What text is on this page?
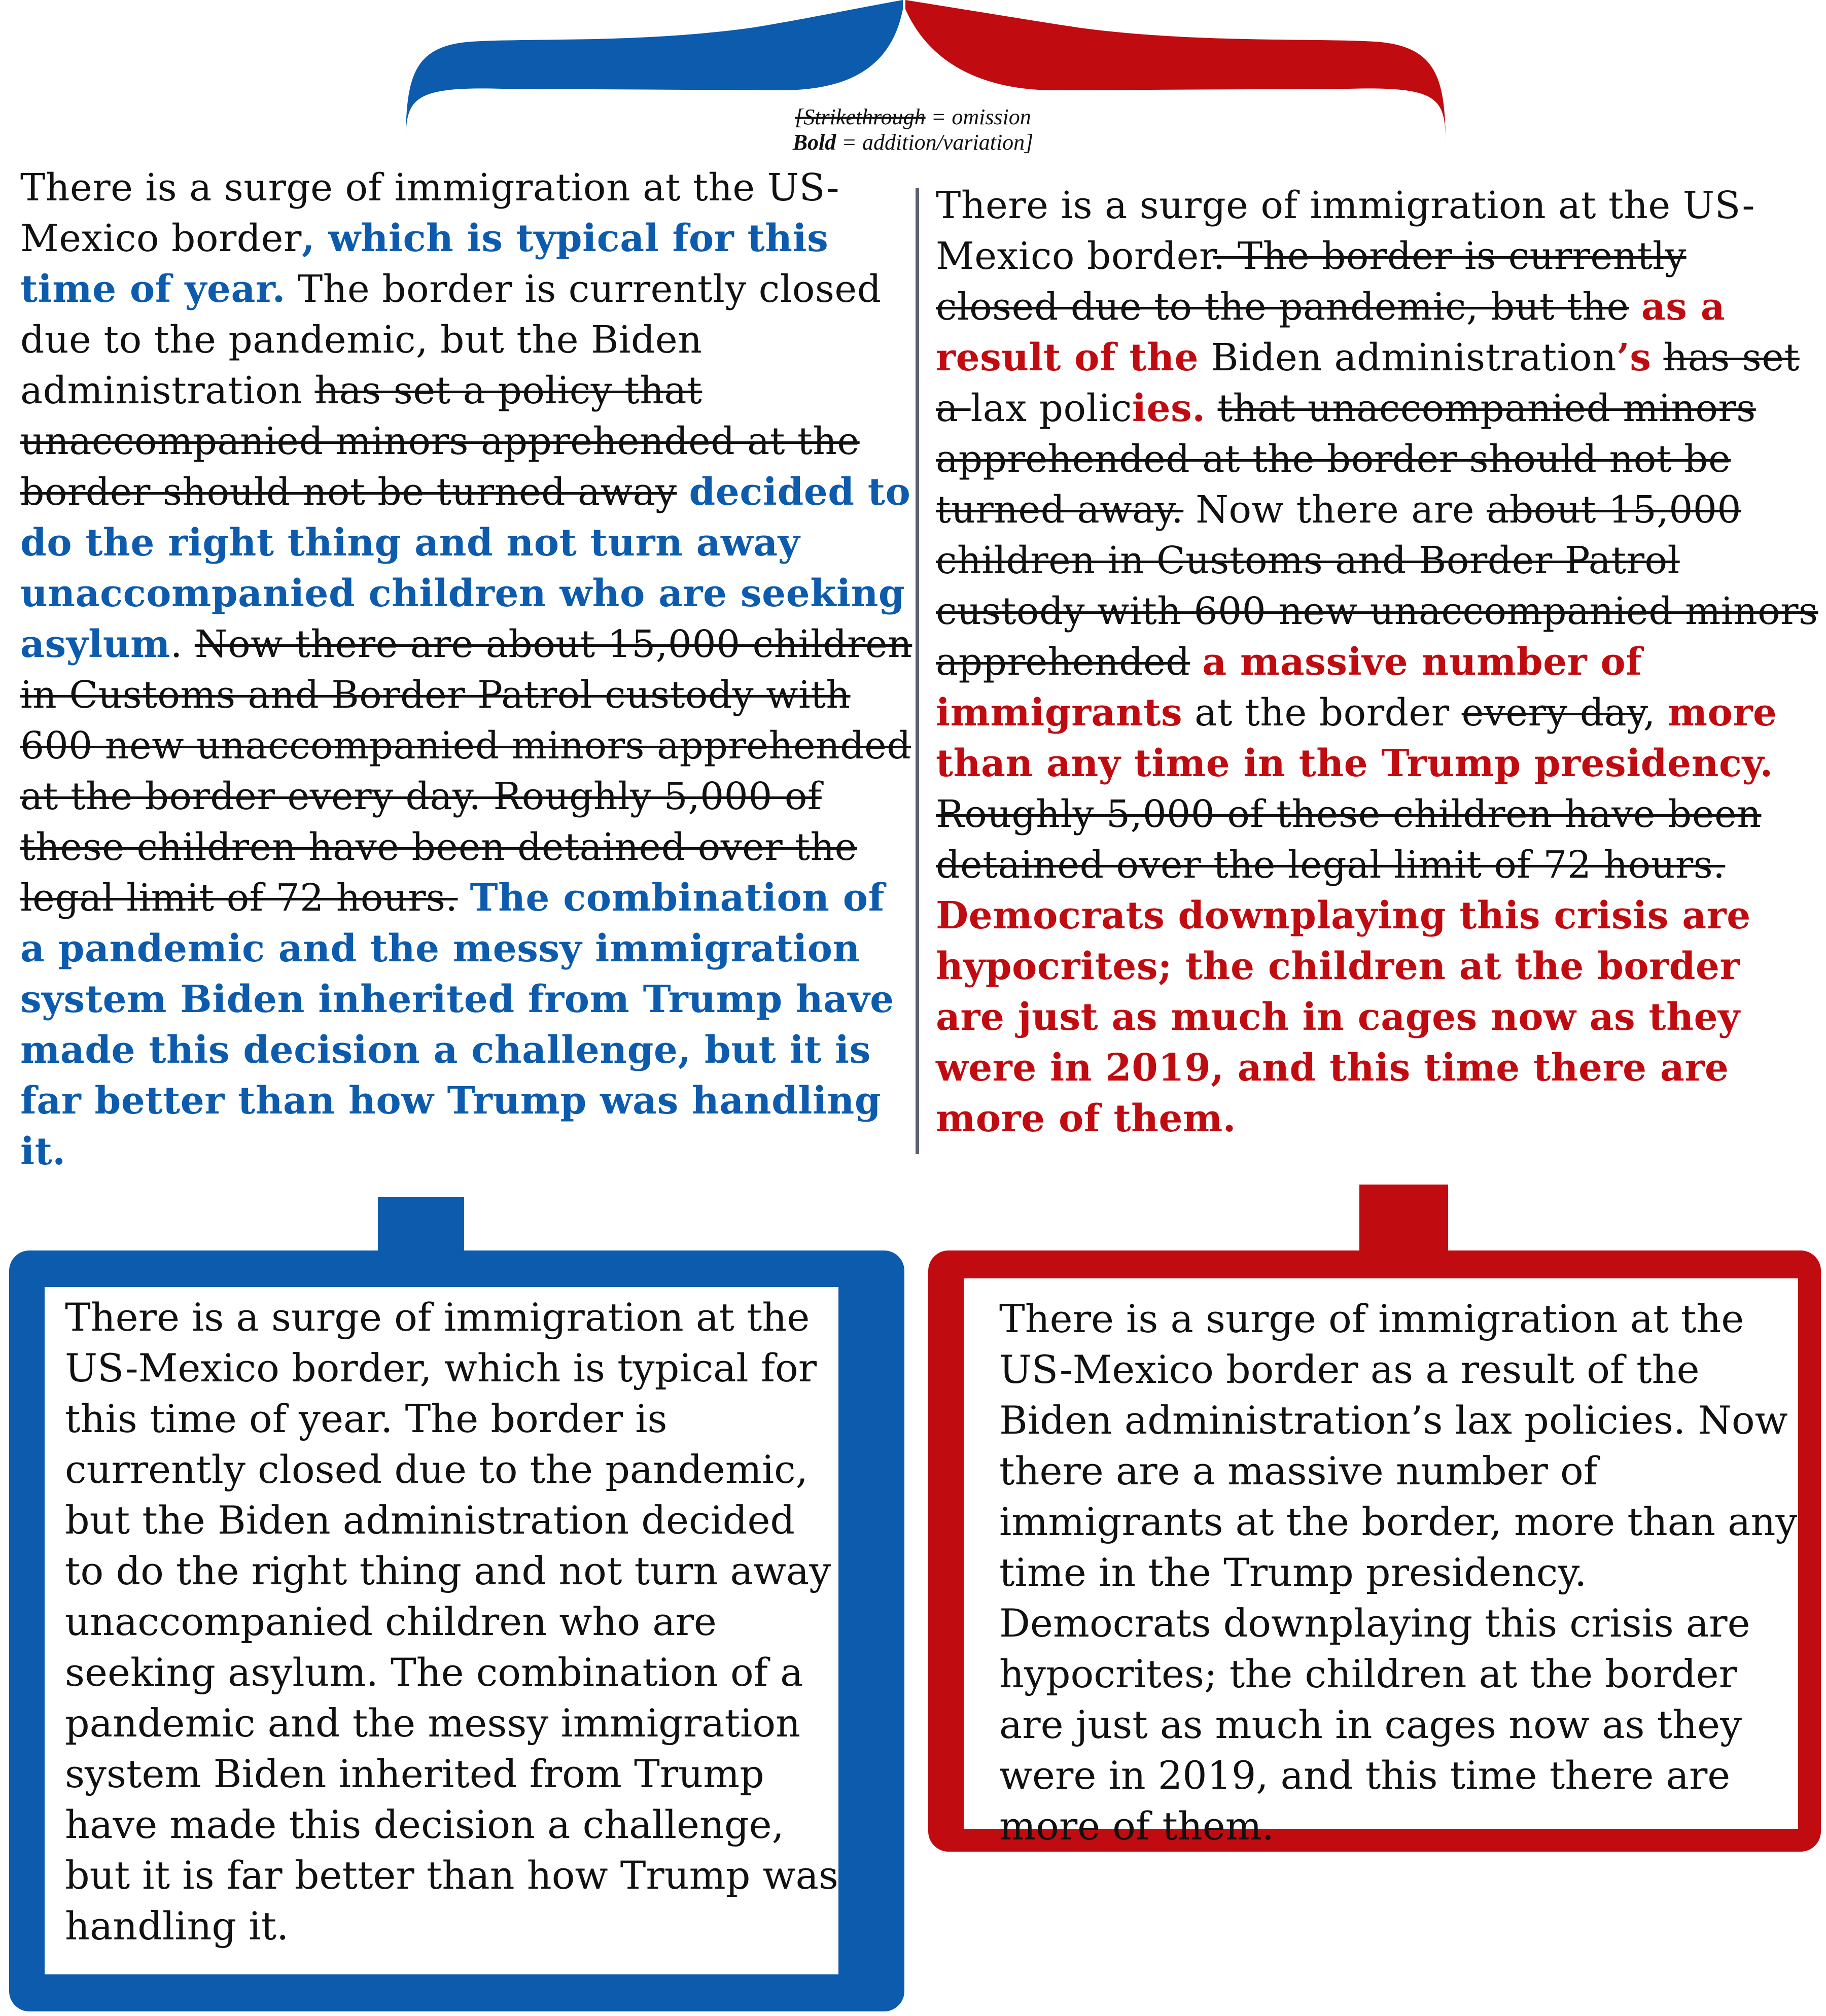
[Strikethrough = omission
Bold = addition/variation]
There is a surge of immigration at the US-Mexico border, which is typical for this time of year. The border is currently closed due to the pandemic, but the Biden administration has set a policy that unaccompanied minors apprehended at the border should not be turned away decided to do the right thing and not turn away unaccompanied children who are seeking asylum. Now there are about 15,000 children in Customs and Border Patrol custody with 600 new unaccompanied minors apprehended at the border every day. Roughly 5,000 of these children have been detained over the legal limit of 72 hours. The combination of a pandemic and the messy immigration system Biden inherited from Trump have made this decision a challenge, but it is far better than how Trump was handling it.
There is a surge of immigration at the US-Mexico border. The border is currently closed due to the pandemic, but the as a result of the Biden administration’s has set a lax policies. that unaccompanied minors apprehended at the border should not be turned away. Now there are about 15,000 children in Customs and Border Patrol custody with 600 new unaccompanied minors apprehended a massive number of immigrants at the border every day, more than any time in the Trump presidency. Roughly 5,000 of these children have been detained over the legal limit of 72 hours. Democrats downplaying this crisis are hypocrites; the children at the border are just as much in cages now as they were in 2019, and this time there are more of them.

There is a surge of immigration at the US-Mexico border, which is typical for this time of year. The border is currently closed due to the pandemic, but the Biden administration decided to do the right thing and not turn away unaccompanied children who are seeking asylum. The combination of a pandemic and the messy immigration system Biden inherited from Trump have made this decision a challenge, but it is far better than how Trump was handling it.

There is a surge of immigration at the US-Mexico border as a result of the Biden administration’s lax policies. Now there are a massive number of immigrants at the border, more than any time in the Trump presidency. Democrats downplaying this crisis are hypocrites; the children at the border are just as much in cages now as they were in 2019, and this time there are more of them.
